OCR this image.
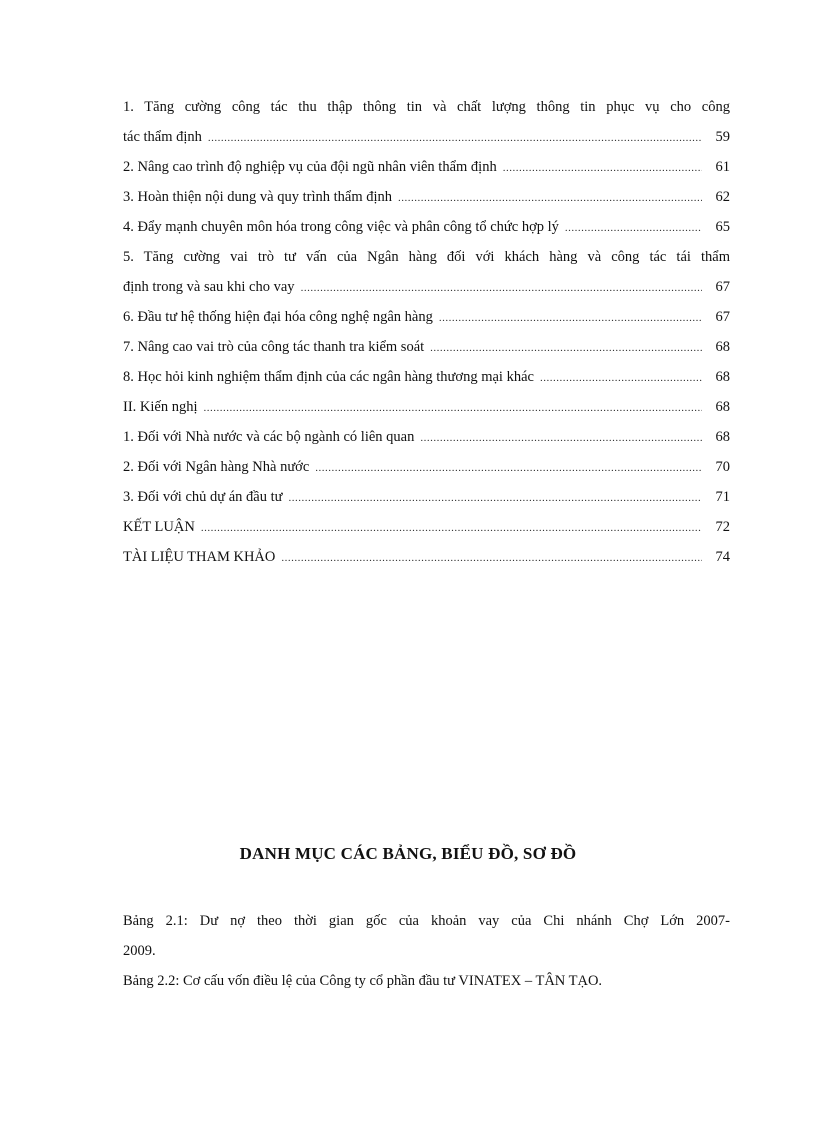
1. Tăng cường công tác thu thập thông tin và chất lượng thông tin phục vụ cho công
tác thẩm định .....	59
2. Nâng cao trình độ nghiệp vụ của đội ngũ nhân viên thẩm định .....	61
3. Hoàn thiện nội dung và quy trình thẩm định .....	62
4. Đẩy mạnh chuyên môn hóa trong công việc và phân công tổ chức hợp lý .....	65
5. Tăng cường vai trò tư vấn của Ngân hàng đối với khách hàng và công tác tái thẩm
định trong và sau khi cho vay .....	67
6. Đầu tư hệ thống hiện đại hóa công nghệ ngân hàng .....	67
7. Nâng cao vai trò của công tác thanh tra kiểm soát .....	68
8. Học hỏi kinh nghiệm thẩm định của các ngân hàng thương mại khác .....	68
II. Kiến nghị .....	68
1. Đối với Nhà nước và các bộ ngành có liên quan .....	68
2. Đối với Ngân hàng Nhà nước .....	70
3. Đối với chủ dự án đầu tư .....	71
KẾT LUẬN .....	72
TÀI LIỆU THAM KHẢO .....	74
DANH MỤC CÁC BẢNG, BIỂU ĐỒ, SƠ ĐỒ
Bảng 2.1: Dư nợ theo thời gian gốc của khoản vay của Chi nhánh Chợ Lớn 2007-
2009.
Bảng 2.2: Cơ cấu vốn điều lệ của Công ty cổ phần đầu tư VINATEX – TÂN TẠO.
